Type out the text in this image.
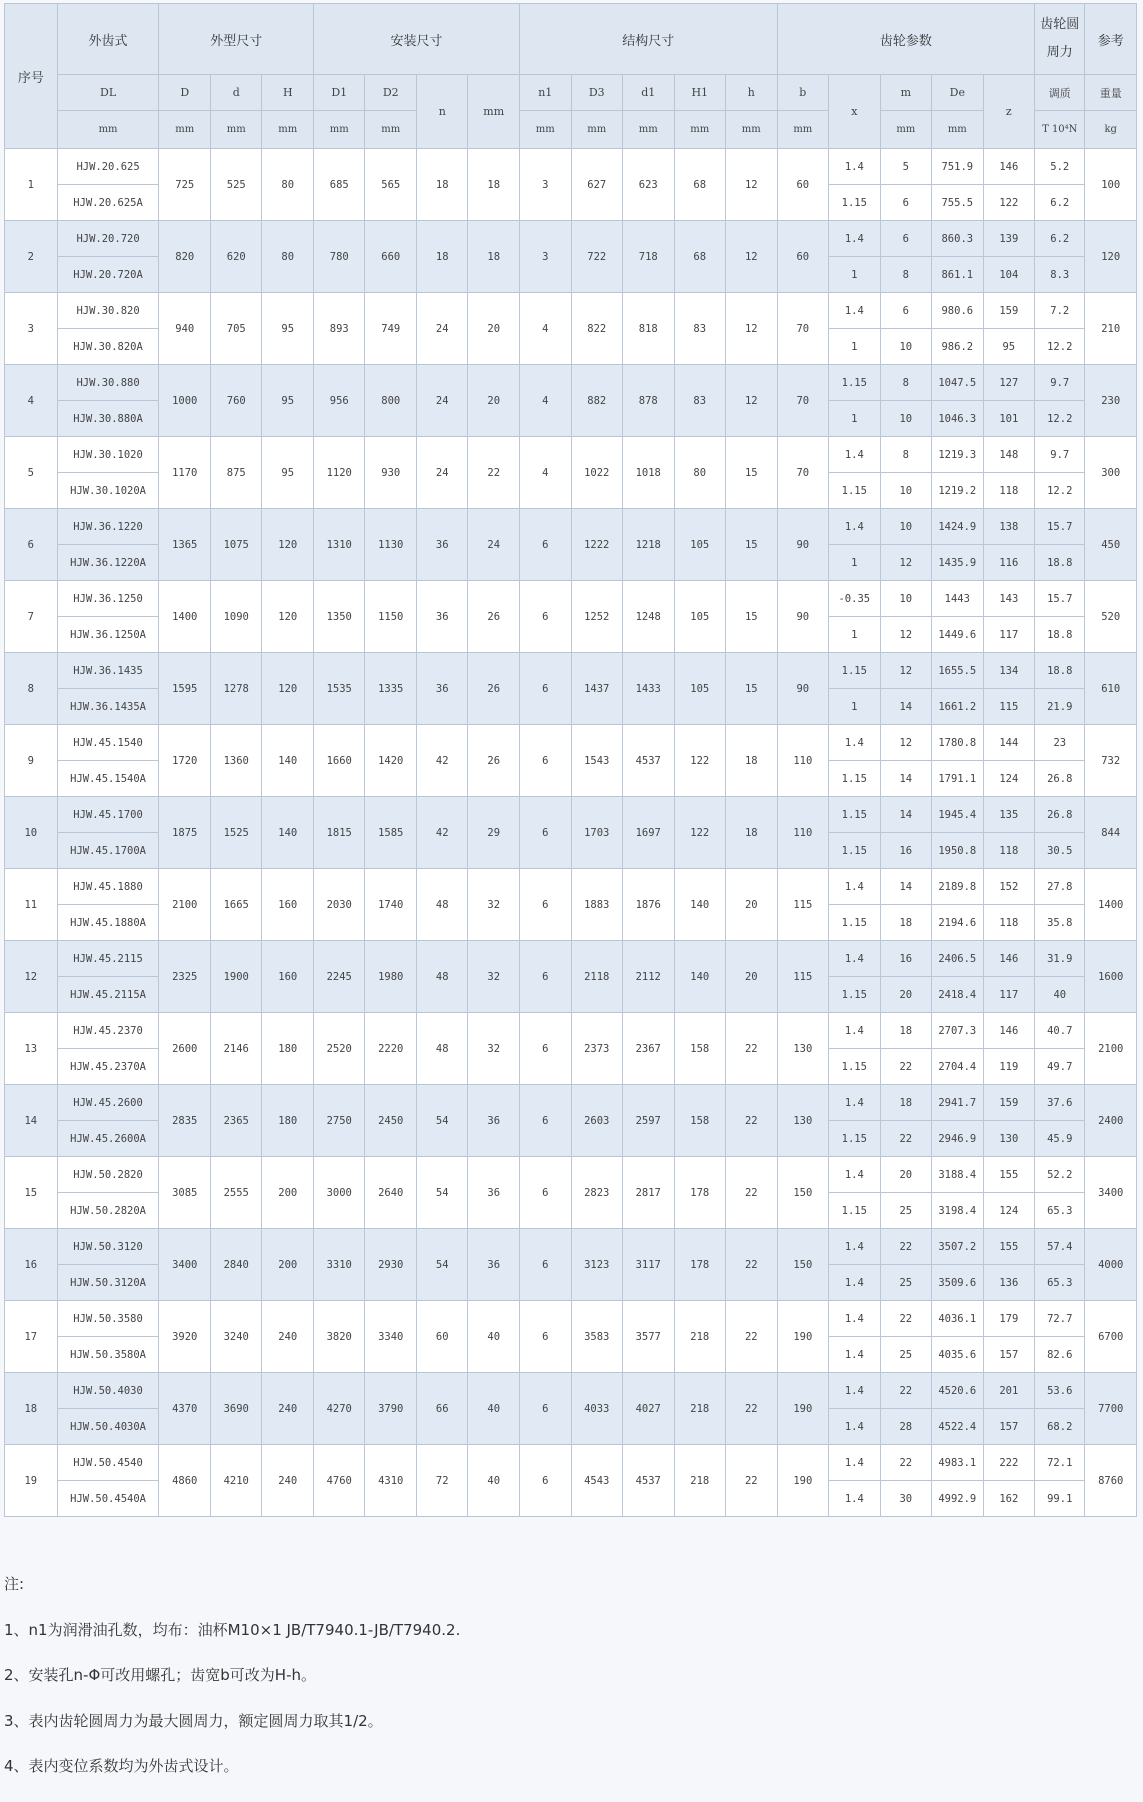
序号	外齿式	外型尺寸			安装尺寸				结构尺寸					齿轮参数					齿轮圆周力	参考
	DL	D	d	H	D1	D2	n	mm	n1	D3	d1	H1	h	b	x	m	De	z	调质	重量
	mm	mm	mm	mm	mm	mm			mm	mm	mm	mm	mm	mm		mm	mm		T 10⁴N	kg
1	HJW.20.625	725	525	80	685	565	18	18	3	627	623	68	12	60	1.4	5	751.9	146	5.2	100
	HJW.20.625A														1.15	6	755.5	122	6.2	
2	HJW.20.720	820	620	80	780	660	18	18	3	722	718	68	12	60	1.4	6	860.3	139	6.2	120
	HJW.20.720A														1	8	861.1	104	8.3	
3	HJW.30.820	940	705	95	893	749	24	20	4	822	818	83	12	70	1.4	6	980.6	159	7.2	210
	HJW.30.820A														1	10	986.2	95	12.2	
4	HJW.30.880	1000	760	95	956	800	24	20	4	882	878	83	12	70	1.15	8	1047.5	127	9.7	230
	HJW.30.880A														1	10	1046.3	101	12.2	
5	HJW.30.1020	1170	875	95	1120	930	24	22	4	1022	1018	80	15	70	1.4	8	1219.3	148	9.7	300
	HJW.30.1020A														1.15	10	1219.2	118	12.2	
6	HJW.36.1220	1365	1075	120	1310	1130	36	24	6	1222	1218	105	15	90	1.4	10	1424.9	138	15.7	450
	HJW.36.1220A														1	12	1435.9	116	18.8	
7	HJW.36.1250	1400	1090	120	1350	1150	36	26	6	1252	1248	105	15	90	-0.35	10	1443	143	15.7	520
	HJW.36.1250A														1	12	1449.6	117	18.8	
8	HJW.36.1435	1595	1278	120	1535	1335	36	26	6	1437	1433	105	15	90	1.15	12	1655.5	134	18.8	610
	HJW.36.1435A														1	14	1661.2	115	21.9	
9	HJW.45.1540	1720	1360	140	1660	1420	42	26	6	1543	4537	122	18	110	1.4	12	1780.8	144	23	732
	HJW.45.1540A														1.15	14	1791.1	124	26.8	
10	HJW.45.1700	1875	1525	140	1815	1585	42	29	6	1703	1697	122	18	110	1.15	14	1945.4	135	26.8	844
	HJW.45.1700A														1.15	16	1950.8	118	30.5	
11	HJW.45.1880	2100	1665	160	2030	1740	48	32	6	1883	1876	140	20	115	1.4	14	2189.8	152	27.8	1400
	HJW.45.1880A														1.15	18	2194.6	118	35.8	
12	HJW.45.2115	2325	1900	160	2245	1980	48	32	6	2118	2112	140	20	115	1.4	16	2406.5	146	31.9	1600
	HJW.45.2115A														1.15	20	2418.4	117	40	
13	HJW.45.2370	2600	2146	180	2520	2220	48	32	6	2373	2367	158	22	130	1.4	18	2707.3	146	40.7	2100
	HJW.45.2370A														1.15	22	2704.4	119	49.7	
14	HJW.45.2600	2835	2365	180	2750	2450	54	36	6	2603	2597	158	22	130	1.4	18	2941.7	159	37.6	2400
	HJW.45.2600A														1.15	22	2946.9	130	45.9	
15	HJW.50.2820	3085	2555	200	3000	2640	54	36	6	2823	2817	178	22	150	1.4	20	3188.4	155	52.2	3400
	HJW.50.2820A														1.15	25	3198.4	124	65.3	
16	HJW.50.3120	3400	2840	200	3310	2930	54	36	6	3123	3117	178	22	150	1.4	22	3507.2	155	57.4	4000
	HJW.50.3120A														1.4	25	3509.6	136	65.3	
17	HJW.50.3580	3920	3240	240	3820	3340	60	40	6	3583	3577	218	22	190	1.4	22	4036.1	179	72.7	6700
	HJW.50.3580A														1.4	25	4035.6	157	82.6	
18	HJW.50.4030	4370	3690	240	4270	3790	66	40	6	4033	4027	218	22	190	1.4	22	4520.6	201	53.6	7700
	HJW.50.4030A														1.4	28	4522.4	157	68.2	
19	HJW.50.4540	4860	4210	240	4760	4310	72	40	6	4543	4537	218	22	190	1.4	22	4983.1	222	72.1	8760
	HJW.50.4540A														1.4	30	4992.9	162	99.1	

注:

1、n1为润滑油孔数，均布：油杯M10×1 JB/T7940.1-JB/T7940.2.

2、安装孔n-Φ可改用螺孔；齿宽b可改为H-h。

3、表内齿轮圆周力为最大圆周力，额定圆周力取其1/2。

4、表内变位系数均为外齿式设计。
